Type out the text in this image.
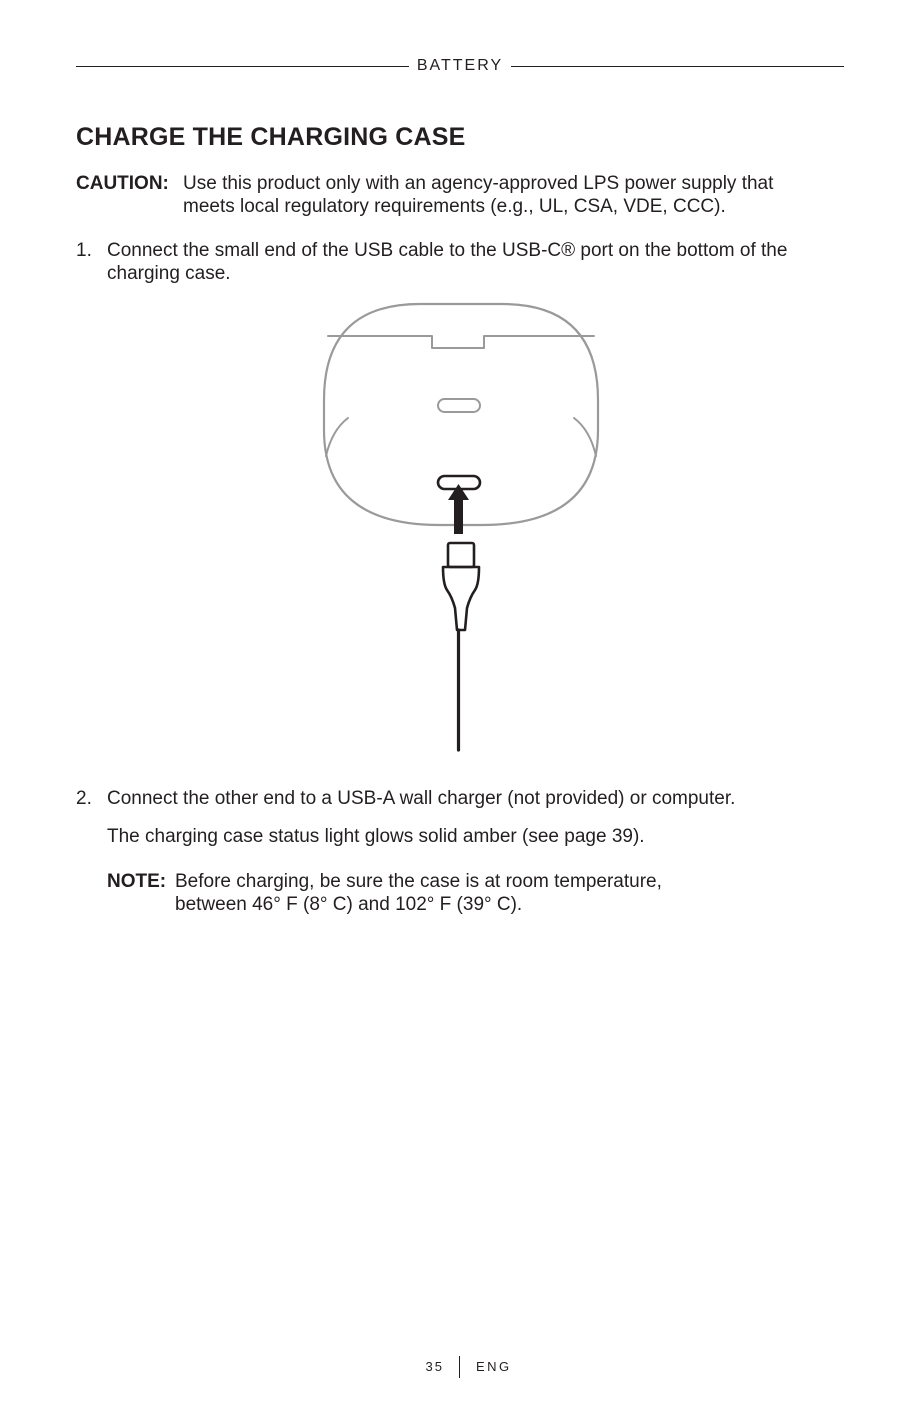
BATTERY
CHARGE THE CHARGING CASE
CAUTION: Use this product only with an agency-approved LPS power supply that meets local regulatory requirements (e.g., UL, CSA, VDE, CCC).
1. Connect the small end of the USB cable to the USB-C® port on the bottom of the charging case.
2. Connect the other end to a USB-A wall charger (not provided) or computer.
The charging case status light glows solid amber (see page 39).
NOTE: Before charging, be sure the case is at room temperature, between 46° F (8° C) and 102° F (39° C).
35 ENG
